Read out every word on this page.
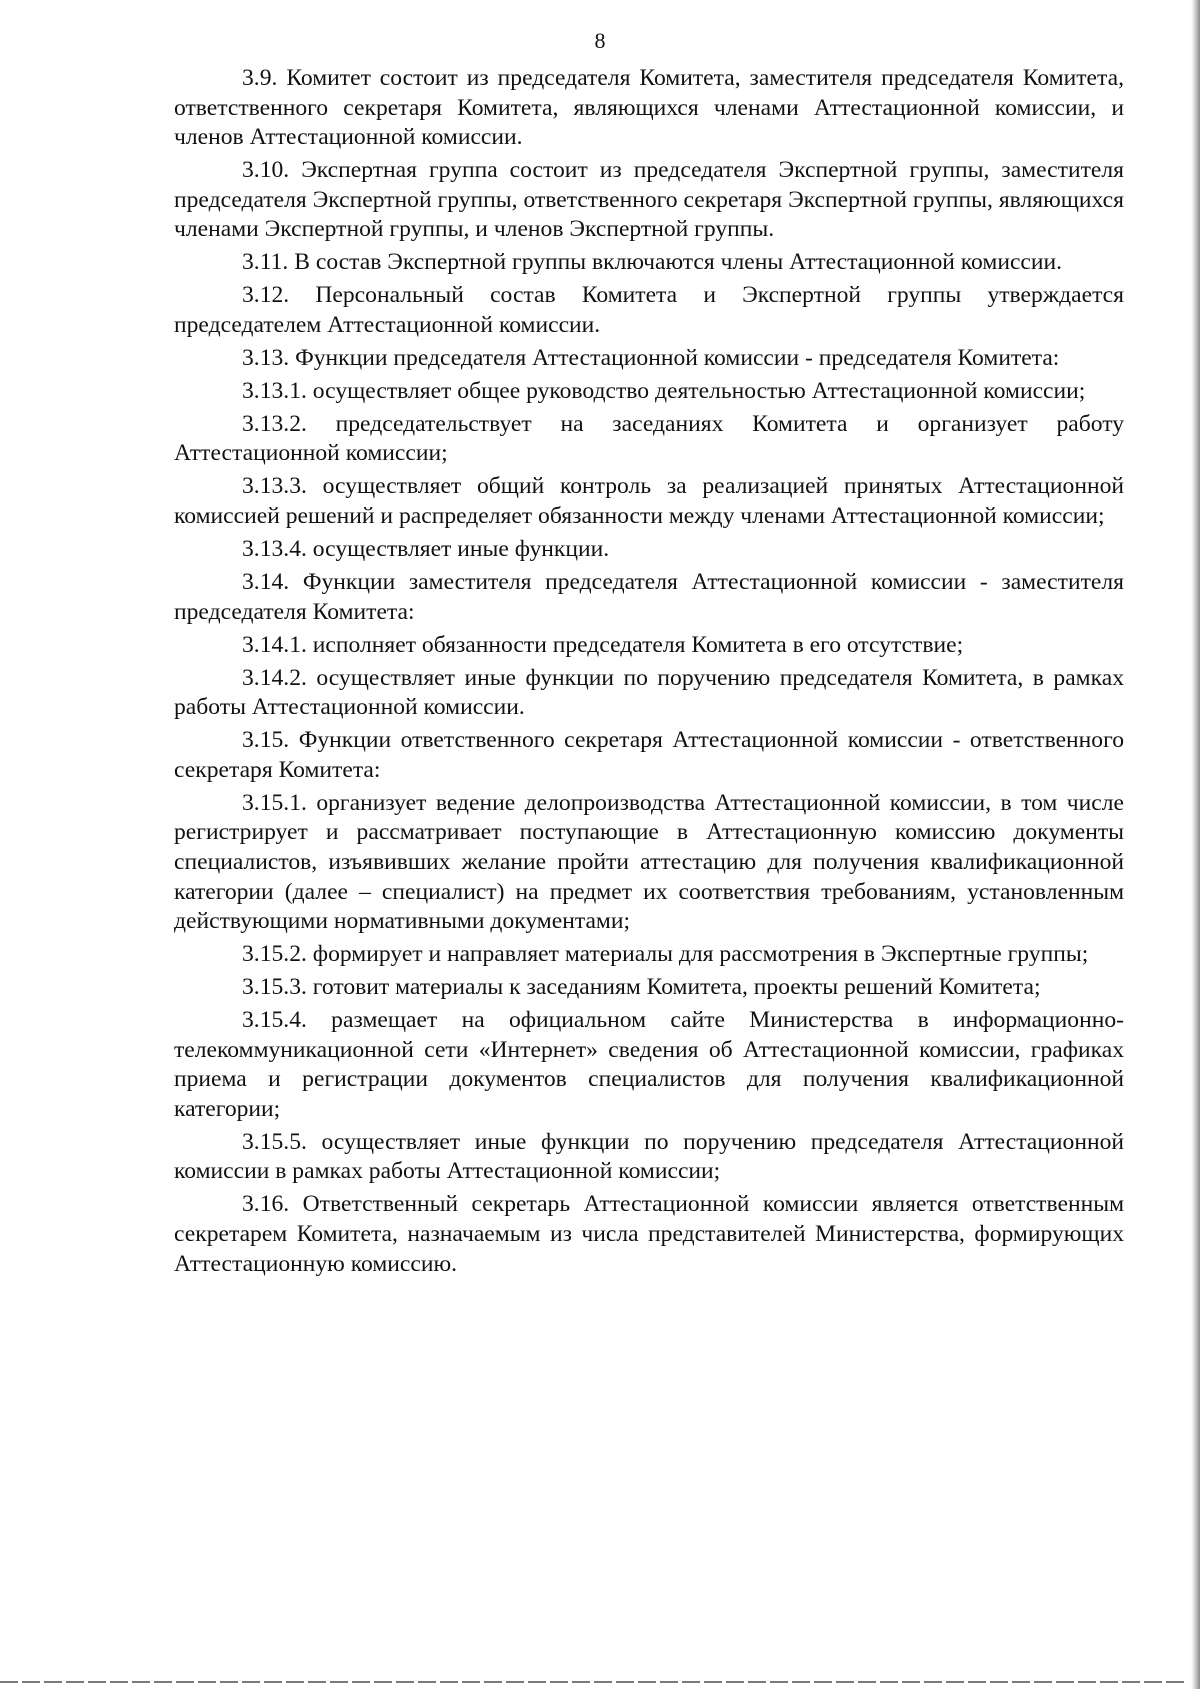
8

3.9. Комитет состоит из председателя Комитета, заместителя председателя Комитета, ответственного секретаря Комитета, являющихся членами Аттестационной комиссии, и членов Аттестационной комиссии.

3.10. Экспертная группа состоит из председателя Экспертной группы, заместителя председателя Экспертной группы, ответственного секретаря Экспертной группы, являющихся членами Экспертной группы, и членов Экспертной группы.

3.11. В состав Экспертной группы включаются члены Аттестационной комиссии.

3.12. Персональный состав Комитета и Экспертной группы утверждается председателем Аттестационной комиссии.

3.13. Функции председателя Аттестационной комиссии - председателя Комитета:

3.13.1. осуществляет общее руководство деятельностью Аттестационной комиссии;

3.13.2. председательствует на заседаниях Комитета и организует работу Аттестационной комиссии;

3.13.3. осуществляет общий контроль за реализацией принятых Аттестационной комиссией решений и распределяет обязанности между членами Аттестационной комиссии;

3.13.4. осуществляет иные функции.

3.14. Функции заместителя председателя Аттестационной комиссии - заместителя председателя Комитета:

3.14.1. исполняет обязанности председателя Комитета в его отсутствие;

3.14.2. осуществляет иные функции по поручению председателя Комитета, в рамках работы Аттестационной комиссии.

3.15. Функции ответственного секретаря Аттестационной комиссии - ответственного секретаря Комитета:

3.15.1. организует ведение делопроизводства Аттестационной комиссии, в том числе регистрирует и рассматривает поступающие в Аттестационную комиссию документы специалистов, изъявивших желание пройти аттестацию для получения квалификационной категории (далее – специалист) на предмет их соответствия требованиям, установленным действующими нормативными документами;

3.15.2. формирует и направляет материалы для рассмотрения в Экспертные группы;

3.15.3. готовит материалы к заседаниям Комитета, проекты решений Комитета;

3.15.4. размещает на официальном сайте Министерства в информационно-телекоммуникационной сети «Интернет» сведения об Аттестационной комиссии, графиках приема и регистрации документов специалистов для получения квалификационной категории;

3.15.5. осуществляет иные функции по поручению председателя Аттестационной комиссии в рамках работы Аттестационной комиссии;

3.16. Ответственный секретарь Аттестационной комиссии является ответственным секретарем Комитета, назначаемым из числа представителей Министерства, формирующих Аттестационную комиссию.
